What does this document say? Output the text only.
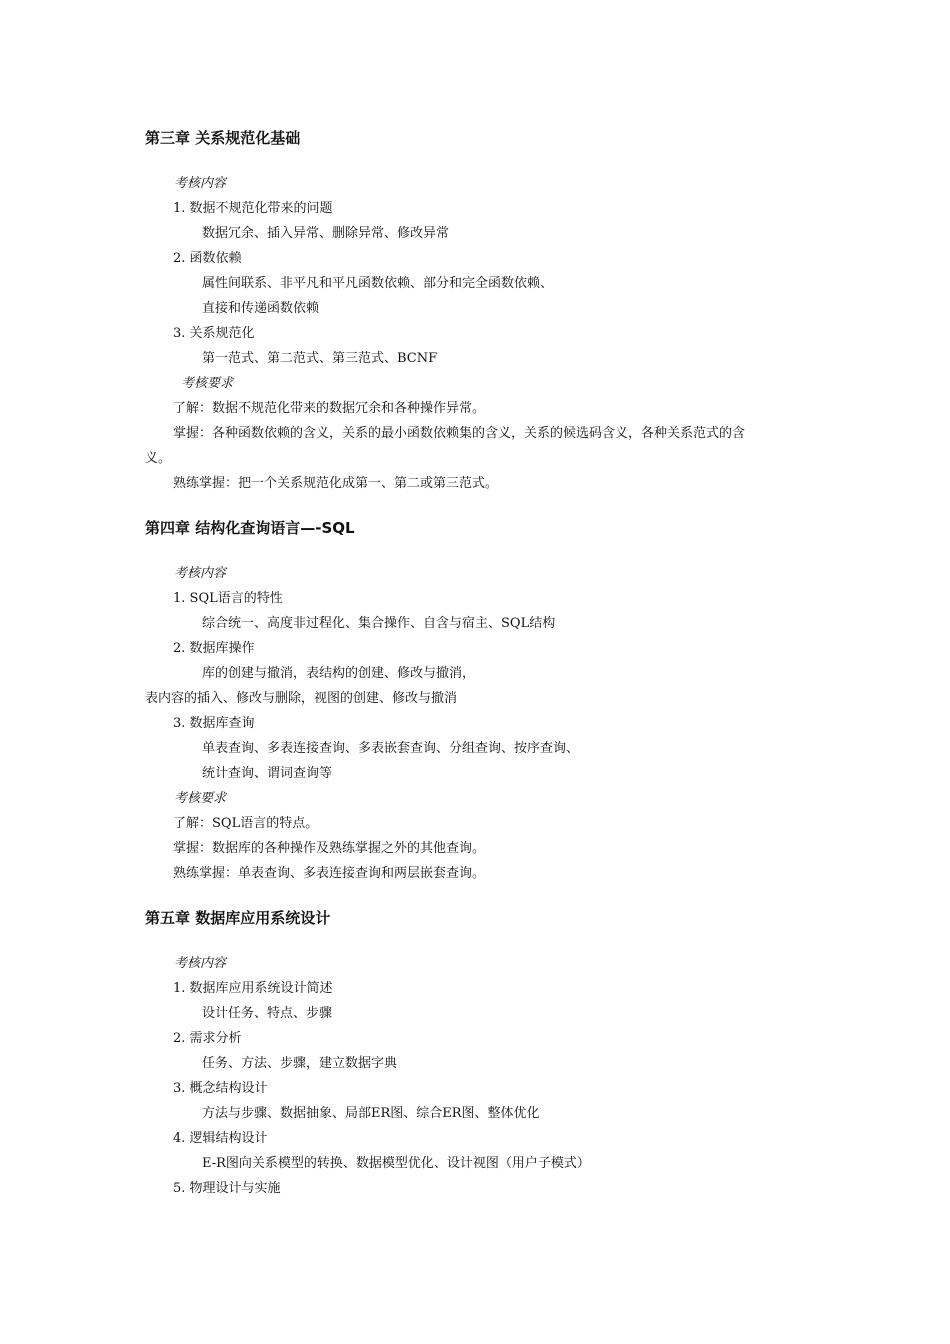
第三章 关系规范化基础
考核内容
1. 数据不规范化带来的问题
数据冗余、插入异常、删除异常、修改异常
2. 函数依赖
属性间联系、非平凡和平凡函数依赖、部分和完全函数依赖、
直接和传递函数依赖
3. 关系规范化
第一范式、第二范式、第三范式、BCNF
考核要求
了解：数据不规范化带来的数据冗余和各种操作异常。
掌握：各种函数依赖的含义，关系的最小函数依赖集的含义，关系的候选码含义，各种关系范式的含
义。
熟练掌握：把一个关系规范化成第一、第二或第三范式。
第四章 结构化查询语言—-SQL
考核内容
1. SQL语言的特性
综合统一、高度非过程化、集合操作、自含与宿主、SQL结构
2. 数据库操作
库的创建与撤消，表结构的创建、修改与撤消，
表内容的插入、修改与删除，视图的创建、修改与撤消
3. 数据库查询
单表查询、多表连接查询、多表嵌套查询、分组查询、按序查询、
统计查询、谓词查询等
考核要求
了解：SQL语言的特点。
掌握：数据库的各种操作及熟练掌握之外的其他查询。
熟练掌握：单表查询、多表连接查询和两层嵌套查询。
第五章 数据库应用系统设计
考核内容
1. 数据库应用系统设计简述
设计任务、特点、步骤
2. 需求分析
任务、方法、步骤，建立数据字典
3. 概念结构设计
方法与步骤、数据抽象、局部ER图、综合ER图、整体优化
4. 逻辑结构设计
E-R图向关系模型的转换、数据模型优化、设计视图（用户子模式）
5. 物理设计与实施
